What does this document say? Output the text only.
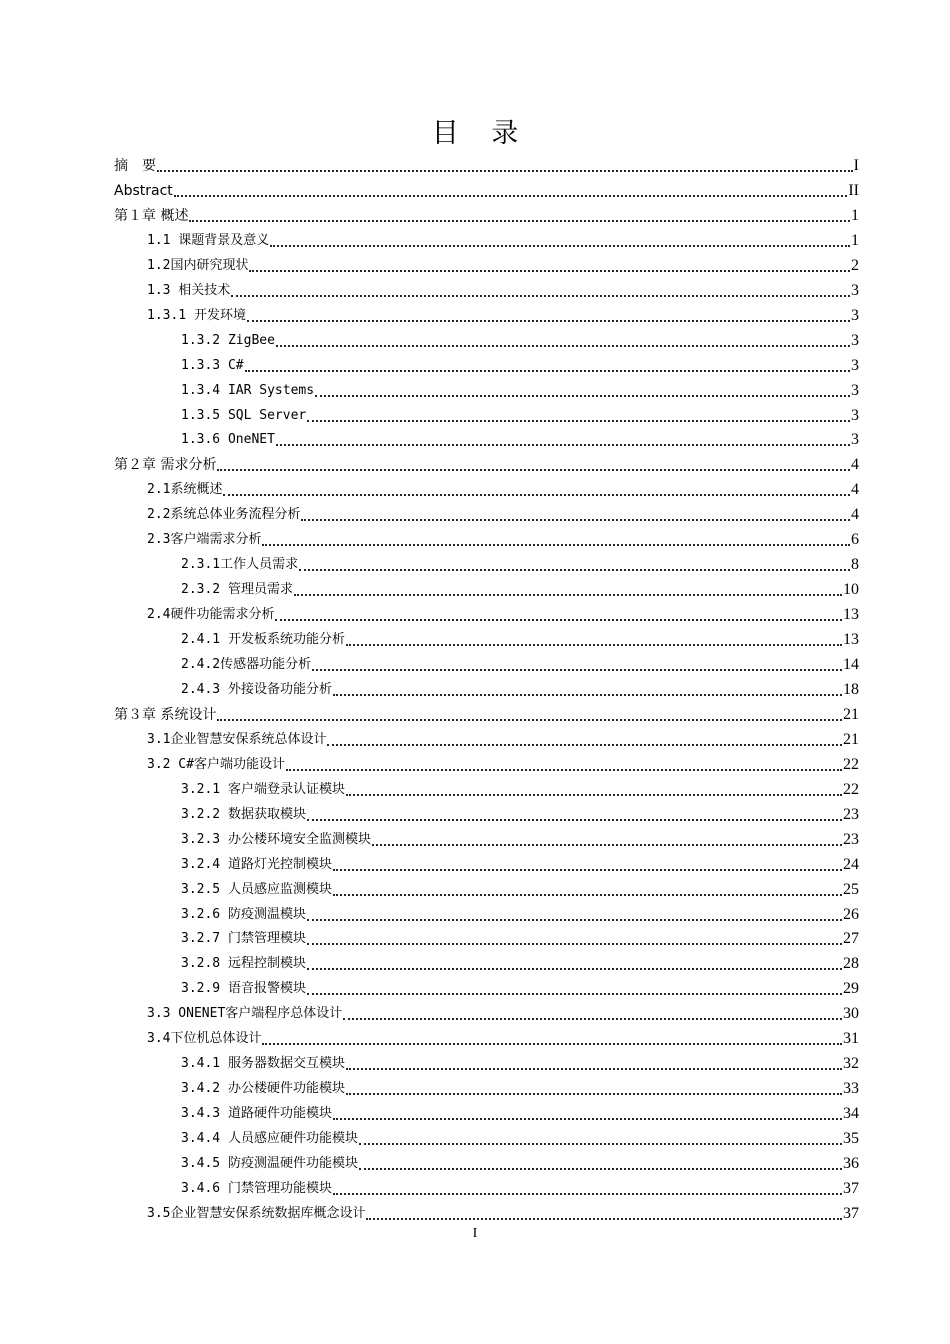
目 录
摘　要	I
Abstract	II
第１章 概述	1
1.1 课题背景及意义	1
1.2国内研究现状	2
1.3 相关技术	3
1.3.1 开发环境	3
1.3.2 ZigBee	3
1.3.3 C#	3
1.3.4 IAR Systems	3
1.3.5 SQL Server	3
1.3.6 OneNET	3
第２章 需求分析	4
2.1系统概述	4
2.2系统总体业务流程分析	4
2.3客户端需求分析	6
2.3.1工作人员需求	8
2.3.2 管理员需求	10
2.4硬件功能需求分析	13
2.4.1 开发板系统功能分析	13
2.4.2传感器功能分析	14
2.4.3 外接设备功能分析	18
第３章 系统设计	21
3.1企业智慧安保系统总体设计	21
3.2 C#客户端功能设计	22
3.2.1 客户端登录认证模块	22
3.2.2 数据获取模块	23
3.2.3 办公楼环境安全监测模块	23
3.2.4 道路灯光控制模块	24
3.2.5 人员感应监测模块	25
3.2.6 防疫测温模块	26
3.2.7 门禁管理模块	27
3.2.8 远程控制模块	28
3.2.9 语音报警模块	29
3.3 ONENET客户端程序总体设计	30
3.4下位机总体设计	31
3.4.1 服务器数据交互模块	32
3.4.2 办公楼硬件功能模块	33
3.4.3 道路硬件功能模块	34
3.4.4 人员感应硬件功能模块	35
3.4.5 防疫测温硬件功能模块	36
3.4.6 门禁管理功能模块	37
3.5企业智慧安保系统数据库概念设计	37
I
